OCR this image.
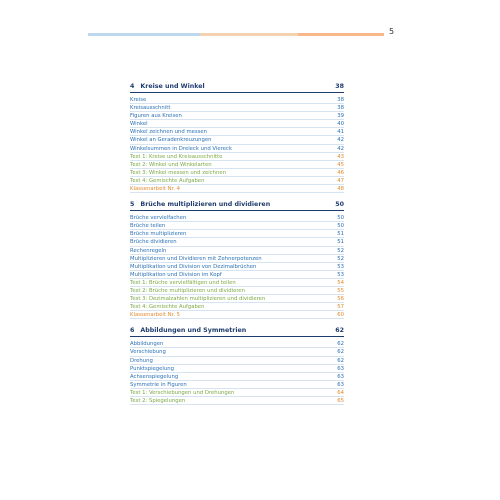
5
4 Kreise und Winkel	38
Kreise	38
Kreisausschnitt	38
Figuren aus Kreisen	39
Winkel	40
Winkel zeichnen und messen	41
Winkel an Geradenkreuzungen	42
Winkelsummen in Dreieck und Viereck	42
Test 1: Kreise und Kreisausschnitte	43
Test 2: Winkel und Winkelarten	45
Test 3: Winkel messen und zeichnen	46
Test 4: Gemischte Aufgaben	47
Klassenarbeit Nr. 4	48
5 Brüche multiplizieren und dividieren	50
Brüche vervielfachen	50
Brüche teilen	50
Brüche multiplizieren	51
Brüche dividieren	51
Rechenregeln	52
Multiplizieren und Dividieren mit Zehnerpotenzen	52
Multiplikation und Division von Dezimalbrüchen	53
Multiplikation und Division im Kopf	53
Test 1: Brüche vervielfältigen und teilen	54
Test 2: Brüche multiplizieren und dividieren	55
Test 3: Dezimalzahlen multiplizieren und dividieren	56
Test 4: Gemischte Aufgaben	57
Klassenarbeit Nr. 5	60
6 Abbildungen und Symmetrien	62
Abbildungen	62
Verschiebung	62
Drehung	62
Punktspiegelung	63
Achsenspiegelung	63
Symmetrie in Figuren	63
Test 1: Verschiebungen und Drehungen	64
Test 2: Spiegelungen	65
